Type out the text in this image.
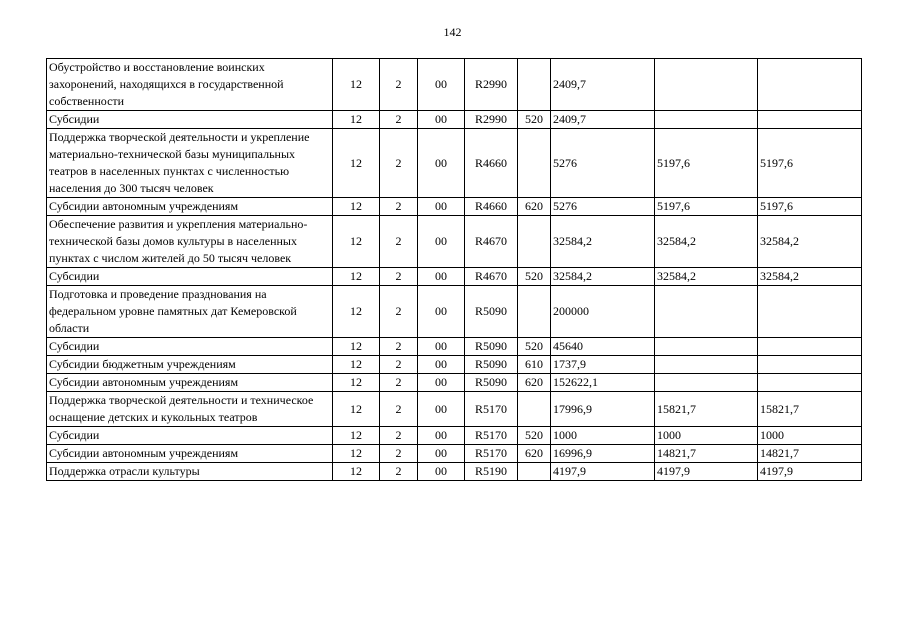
142
Обустройство и восстановление воинских захоронений, находящихся в государственной собственности	12	2	00	R2990		2409,7		
Субсидии	12	2	00	R2990	520	2409,7		
Поддержка творческой деятельности и укрепление материально-технической базы муниципальных театров в населенных пунктах с численностью населения до 300 тысяч человек	12	2	00	R4660		5276	5197,6	5197,6
Субсидии автономным учреждениям	12	2	00	R4660	620	5276	5197,6	5197,6
Обеспечение развития и укрепления материально-технической базы домов культуры в населенных пунктах с числом жителей до 50 тысяч человек	12	2	00	R4670		32584,2	32584,2	32584,2
Субсидии	12	2	00	R4670	520	32584,2	32584,2	32584,2
Подготовка и проведение празднования на федеральном уровне памятных дат Кемеровской области	12	2	00	R5090		200000		
Субсидии	12	2	00	R5090	520	45640		
Субсидии бюджетным учреждениям	12	2	00	R5090	610	1737,9		
Субсидии автономным учреждениям	12	2	00	R5090	620	152622,1		
Поддержка творческой деятельности и техническое оснащение детских и кукольных театров	12	2	00	R5170		17996,9	15821,7	15821,7
Субсидии	12	2	00	R5170	520	1000	1000	1000
Субсидии автономным учреждениям	12	2	00	R5170	620	16996,9	14821,7	14821,7
Поддержка отрасли культуры	12	2	00	R5190		4197,9	4197,9	4197,9
